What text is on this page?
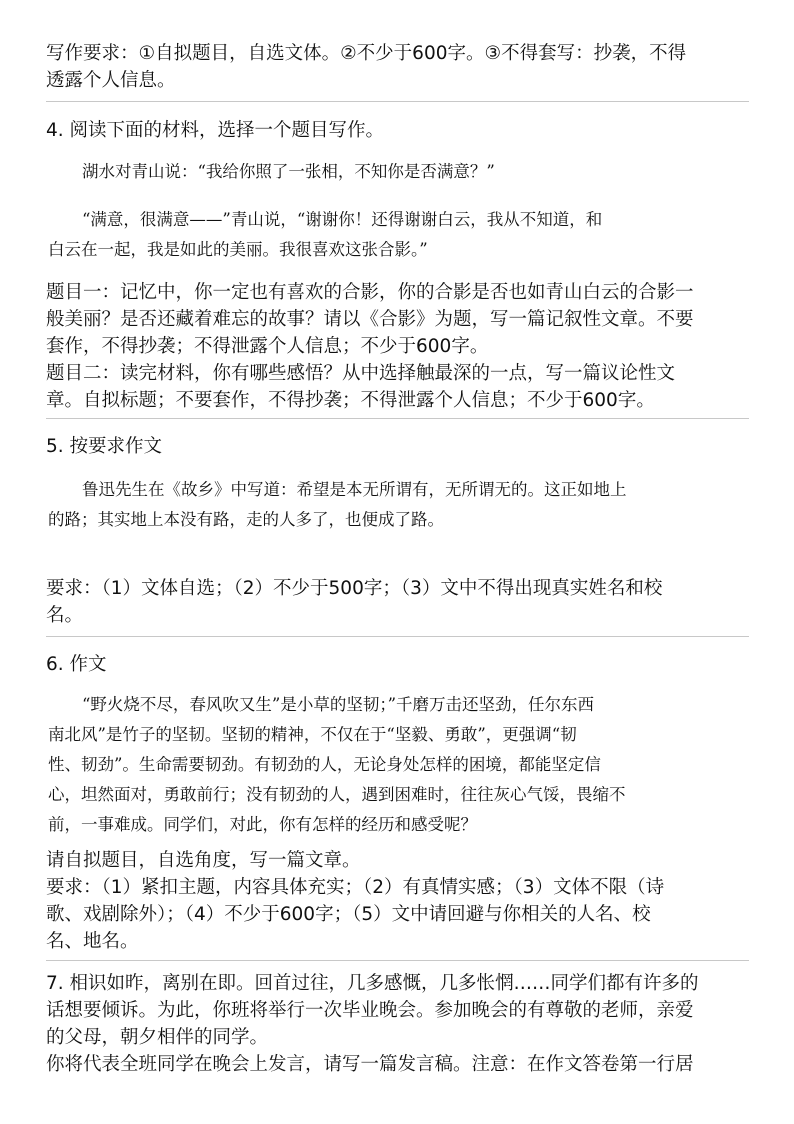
写作要求：①自拟题目，自选文体。②不少于600字。③不得套写：抄袭，不得
透露个人信息。
4. 阅读下面的材料，选择一个题目写作。
湖水对青山说：“我给你照了一张相，不知你是否满意？”
“满意，很满意——”青山说，“谢谢你！还得谢谢白云，我从不知道，和
白云在一起，我是如此的美丽。我很喜欢这张合影。”
题目一：记忆中，你一定也有喜欢的合影，你的合影是否也如青山白云的合影一
般美丽？是否还藏着难忘的故事？请以《合影》为题，写一篇记叙性文章。不要
套作，不得抄袭；不得泄露个人信息；不少于600字。
题目二：读完材料，你有哪些感悟？从中选择触最深的一点，写一篇议论性文
章。自拟标题；不要套作，不得抄袭；不得泄露个人信息；不少于600字。
5. 按要求作文
鲁迅先生在《故乡》中写道：希望是本无所谓有，无所谓无的。这正如地上
的路；其实地上本没有路，走的人多了，也便成了路。
要求：（1）文体自选；（2）不少于500字；（3）文中不得出现真实姓名和校
名。
6. 作文
“野火烧不尽，春风吹又生”是小草的坚韧；”千磨万击还坚劲，任尔东西
南北风”是竹子的坚韧。坚韧的精神，不仅在于“坚毅、勇敢”，更强调“韧
性、韧劲”。生命需要韧劲。有韧劲的人，无论身处怎样的困境，都能坚定信
心，坦然面对，勇敢前行；没有韧劲的人，遇到困难时，往往灰心气馁，畏缩不
前，一事难成。同学们，对此，你有怎样的经历和感受呢？
请自拟题目，自选角度，写一篇文章。
要求：（1）紧扣主题，内容具体充实；（2）有真情实感；（3）文体不限（诗
歌、戏剧除外）；（4）不少于600字；（5）文中请回避与你相关的人名、校
名、地名。
7. 相识如昨，离别在即。回首过往，几多感慨，几多怅惘……同学们都有许多的
话想要倾诉。为此，你班将举行一次毕业晚会。参加晚会的有尊敬的老师，亲爱
的父母，朝夕相伴的同学。
你将代表全班同学在晚会上发言，请写一篇发言稿。注意：在作文答卷第一行居
